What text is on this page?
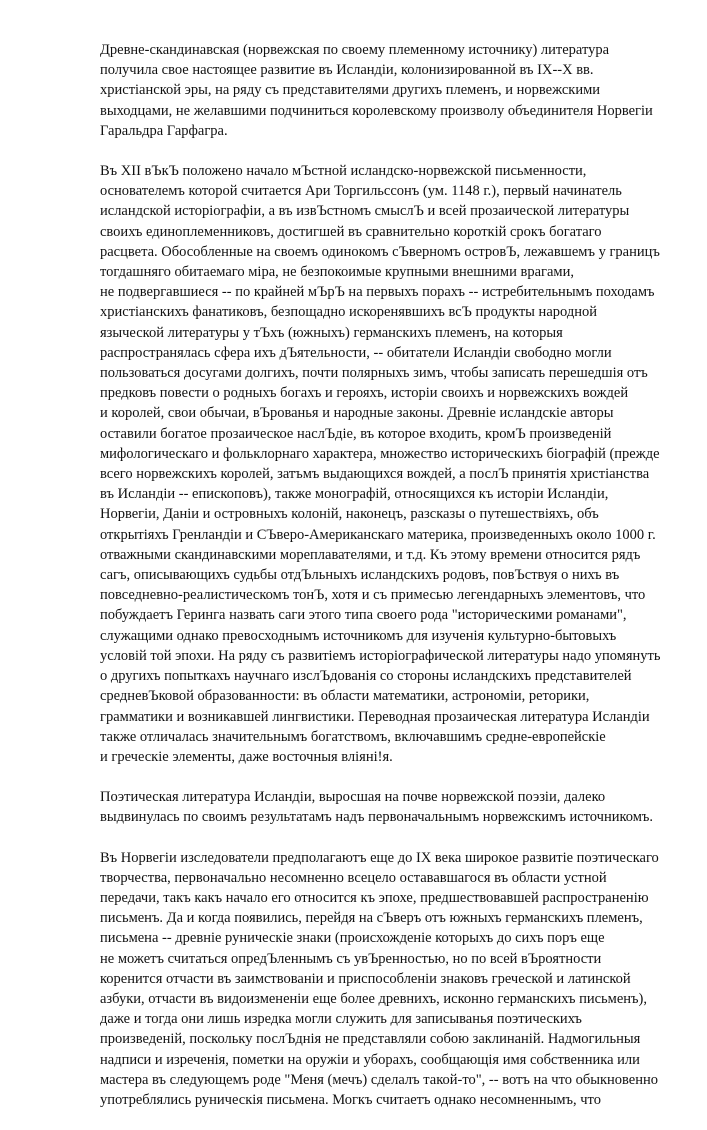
Древне-скандинавская (норвежская по своему племенному источнику) литература
получила свое настоящее развитие въ Исландiи, колонизированной въ IX--X вв.
христiанской эры, на ряду съ представителями другихъ племенъ, и норвежскими
выходцами, не желавшими подчиниться королевскому произволу объединителя Норвегiи
Гаральдра Гарфагра.
Въ XII вЪкЪ положено начало мЪстной исландско-норвежской письменности,
основателемъ которой считается Ари Торгильссонъ (ум. 1148 г.), первый начинатель
исландской исторiографiи, а въ извЪстномъ смыслЪ и всей прозаической литературы
своихъ единоплеменниковъ, достигшей въ сравнительно короткiй срокъ богатаго
расцвета. Обособленные на своемъ одинокомъ сЪверномъ островЪ, лежавшемъ у границъ
тогдашняго обитаемаго мiра, не безпокоимые крупными внешними врагами,
не подвергавшиеся -- по крайней мЪрЪ на первыхъ порахъ -- истребительнымъ походамъ
христiанскихъ фанатиковъ, безпощадно искоренявшихъ всЪ продукты народной
языческой литературы у тЪхъ (южныхъ) германскихъ племенъ, на которыя
распространялась сфера ихъ дЪятельности, -- обитатели Исландiи свободно могли
пользоваться досугами долгихъ, почти полярныхъ зимъ, чтобы записать перешедшiя отъ
предковъ повести о родныхъ богахъ и герояхъ, исторiи своихъ и норвежскихъ вождей
и королей, свои обычаи, вЪрованья и народные законы. Древнiе исландскiе авторы
оставили богатое прозаическое наслЪдiе, въ которое входить, кромЪ произведенiй
мифологическаго и фольклорнаго характера, множество историческихъ бiографiй (прежде
всего норвежскихъ королей, затъмъ выдающихся вождей, а послЪ принятiя христiанства
въ Исландiи -- епископовъ), также монографiй, относящихся къ исторiи Исландiи,
Норвегiи, Данiи и островныхъ колонiй, наконецъ, разсказы о путешествiяхъ, объ
открытiяхъ Гренландiи и СЪверо-Американскаго материка, произведенныхъ около 1000 г.
отважными скандинавскими мореплавателями, и т.д. Къ этому времени относится рядъ
сагъ, описывающихъ судьбы отдЪльныхъ исландскихъ родовъ, повЪствуя о нихъ въ
повседневно-реалистическомъ тонЪ, хотя и съ примесью легендарныхъ элементовъ, что
побуждаетъ Геринга назвать саги этого типа своего рода "историческими романами",
служащими однако превосходнымъ источникомъ для изученiя культурно-бытовыхъ
условiй той эпохи. На ряду съ развитiемъ исторiографической литературы надо упомянуть
о другихъ попыткахъ научнаго изслЪдованiя со стороны исландскихъ представителей
средневЪковой образованности: въ области математики, астрономiи, реторики,
грамматики и возникавшей лингвистики. Переводная прозаическая литература Исландiи
также отличалась значительнымъ богатствомъ, включавшимъ средне-европейскiе
и греческiе элементы, даже восточныя влiянi!я.
Поэтическая литература Исландiи, выросшая на почве норвежской поэзiи, далеко
выдвинулась по своимъ результатамъ надъ первоначальнымъ норвежскимъ источникомъ.
Въ Норвегiи изследователи предполагаютъ еще до IX века широкое развитiе поэтическаго
творчества, первоначально несомненно всецело остававшагося въ области устной
передачи, такъ какъ начало его относится къ эпохе, предшествовавшей распространенiю
письменъ. Да и когда появились, перейдя на сЪверъ отъ южныхъ германскихъ племенъ,
письмена -- древнiе руническiе знаки (происхожденiе которыхъ до сихъ поръ еще
не можетъ считаться опредЪленнымъ съ увЪренностью, но по всей вЪроятности
коренится отчасти въ заимствованiи и приспособленiи знаковъ греческой и латинской
азбуки, отчасти въ видоизмененiи еще более древнихъ, исконно германскихъ письменъ),
даже и тогда они лишь изредка могли служить для записыванья поэтическихъ
произведенiй, поскольку послЪднiя не представляли собою заклинанiй. Надмогильныя
надписи и изреченiя, пометки на оружiи и уборахъ, сообщающiя имя собственника или
мастера въ следующемъ роде "Меня (мечъ) сделалъ такой-то", -- вотъ на что обыкновенно
употреблялись руническiя письмена. Могкъ считаетъ однако несомненнымъ, что
